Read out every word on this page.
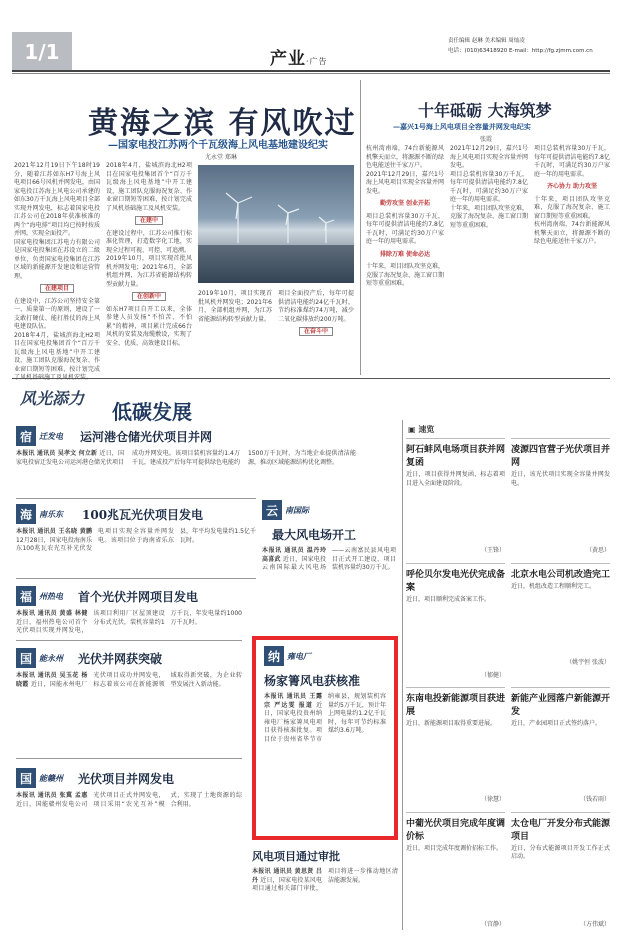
1/1	产业·广告
责任编辑 赵琳 美术编辑 周灿凌
电话：(010)63418920 E-mail：http://fg.zjmm.com.cn
黄海之滨 有风吹过
—国家电投江苏两个千瓦级海上风电基地建设纪实
尤永堂 郑琳

2021年12月19日下午18时19分，随着江苏如东H7号海上风电项目66号风机并网发电，由国家电投江苏海上风电公司承建的如东30万千瓦海上风电项目全部实现并网发电，标志着国家电投江苏公司在2018年获准核准的两个“海电排”项目均已按时按质并网，实现全面投产。

国家电投集团江苏电力有限公司是国家电投集团在苏设立的二级单位，负责国家电投集团在江苏区域的新能源开发建设和运营管理。

在建项目

在建设中，江苏公司坚持安全第一、质量第一的原则，建设了一支敢打硬仗、能打胜仗的海上风电建设队伍。

2018年4月，盐城滨海北H2项目在国家电投集团首个“百万千瓦级海上风电基地”中开工建设，施工团队克服海况复杂、作业窗口期短等困难，按计划完成

2018年4月，盐城滨海北H2项目在国家电投集团首个“百万千瓦级海上风电基地”中开工建设，施工团队克服海况复杂、作业窗口期短等困难，按计划完成了风机基础施工及风机安装。

在建中

在建设过程中，江苏公司推行标准化管理，打造数字化工地，实现全过程可视、可控、可追溯。

2019年10月，项目实现首批风机并网发电；2021年6月，全部机组并网，为江苏省能源结构转型贡献力量。

在创新中

如东H7项目自开工以来，全体参建人员发扬“不怕苦、不怕累”的精神，项目累计完成66台风机的安装及海缆敷设，实现了安全、优质、高效建设目标。

2019年10月，项目实现首批风机并网发电；2021年6月，全部机组并网，为江苏省能源结构转型贡献力量。

项目全面投产后，每年可提供清洁电能约24亿千瓦时，节约标准煤约74万吨，减少二氧化碳排放约200万吨。

在奋斗中
十年砥砺 大海筑梦
—嘉兴1号海上风电项目全容量并网发电纪实
张霞

杭州湾南端，74台新能源风机擎天而立，将源源不断的绿色电能送往千家万户。

2021年12月29日，嘉兴1号海上风电项目实现全容量并网发电。

勤劳攻坚 创业开拓

项目总装机容量30万千瓦，每年可提供清洁电能约7.8亿千瓦时，可满足约30万户家庭一年的用电需求。

排除万难 使命必达

十年来，项目团队攻坚克难，克服了海况复杂、施工窗口期短等重重困难。

2021年12月29日，嘉兴1号海上风电项目实现全容量并网发电。

项目总装机容量30万千瓦，每年可提供清洁电能约7.8亿千瓦时，可满足约30万户家庭一年的用电需求。

十年来，项目团队攻坚克难，克服了海况复杂、施工窗口期短等重重困难。

项目总装机容量30万千瓦，每年可提供清洁电能约7.8亿千瓦时，可满足约30万户家庭一年的用电需求。

齐心协力 助力攻坚

十年来，项目团队攻坚克难，克服了海况复杂、施工窗口期短等重重困难。

杭州湾南端，74台新能源风机擎天而立，将源源不断的绿色电能送往千家万户。

风光添力
低碳发展
宿 迁发电 运河港仓储光伏项目并网
本报讯 通讯员 吴孝文 何立新 近日，国家电投宿迁发电公司运河港仓储光伏项目成功并网发电。该项目装机容量约1.4万千瓦，建成投产后每年可提供绿色电能约1500万千瓦时，为当地企业提供清洁能源，推动区域能源结构优化调整。
海 南乐东 100兆瓦光伏项目发电
本报讯 通讯员 王名晓 黄鹏 12月28日，国家电投海南乐东100兆瓦农光互补光伏发电项目实现全容量并网发电。该项目位于海南省乐东县，年平均发电量约1.5亿千瓦时。
福 州热电 首个光伏并网项目发电
本报讯 通讯员 黄盛 林健 近日，福州热电公司首个光伏项目实现并网发电，该项目利用厂区屋顶建设分布式光伏，装机容量约1万千瓦，年发电量约1000万千瓦时。
国 能永州 光伏并网获突破
本报讯 通讯员 吴玉花 杨晓霞 近日，国能永州电厂光伏项目成功并网发电，标志着该公司在新能源领域取得新突破，为企业转型发展注入新动能。
国 能赣州 光伏项目并网发电
本报讯 通讯员 张冀 孟惠 近日，国能赣州发电公司光伏项目正式并网发电，项目采用“农光互补”模式，实现了土地资源的综合利用。
云 南国际
最大风电场开工
本报讯 通讯员 温丹玲 高喜武 近日，国家电投云南国际最大风电场——云南富民县风电项目正式开工建设，项目装机容量约30万千瓦。
纳 雍电厂
杨家箐风电获核准
本报讯 通讯员 王露宗 严达雯 报道 近日，国家电投贵州纳雍电厂杨家箐风电项目获得核准批复。项目位于贵州省毕节市纳雍县，规划装机容量约5万千瓦，预计年上网电量约1.2亿千瓦时，每年可节约标准煤约3.6万吨。
风电项目通过审批
本报讯 通讯员 黄思贤 吕丹 近日，国家电投某风电项目通过相关部门审批，项目将进一步推动地区清洁能源发展。
▣ 速览
阿石蚌风电场项目获并网复函
近日，项目获得并网复函，标志着项目进入全面建设阶段。
（王锋）
凌源四官营子光伏项目并网
近日，该光伏项目实现全容量并网发电。
（黄思）
呼伦贝尔发电光伏完成备案
近日，项目顺利完成备案工作。
（郁健）
北京水电公司机改造完工
近日，机组改造工程顺利完工。
（姚宇恒 张波）
东南电投新能源项目获进展
近日，新能源项目取得重要进展。
（徐慧）
新能产业园落户新能源开发
近日，产业园项目正式签约落户。
（钱若雨）
中葡光伏项目完成年度调价标
近日，项目完成年度调价招标工作。
（宫静）
太仓电厂开发分布式能源项目
近日，分布式能源项目开发工作正式启动。
（方伟斌）
